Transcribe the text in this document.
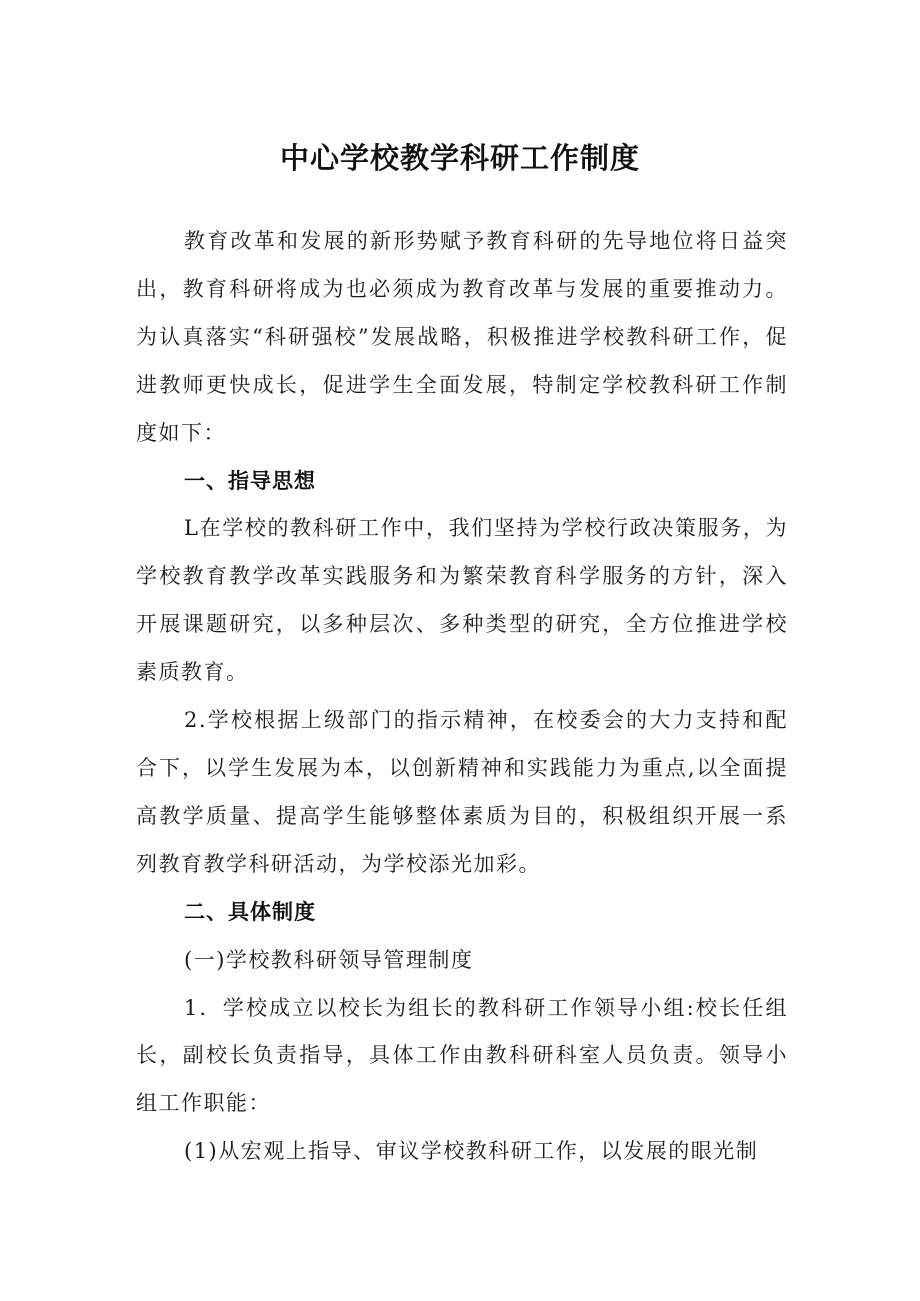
中心学校教学科研工作制度

教育改革和发展的新形势赋予教育科研的先导地位将日益突出，教育科研将成为也必须成为教育改革与发展的重要推动力。为认真落实“科研强校”发展战略，积极推进学校教科研工作，促进教师更快成长，促进学生全面发展，特制定学校教科研工作制度如下：

一、指导思想

L在学校的教科研工作中，我们坚持为学校行政决策服务，为学校教育教学改革实践服务和为繁荣教育科学服务的方针，深入开展课题研究，以多种层次、多种类型的研究，全方位推进学校素质教育。

2.学校根据上级部门的指示精神，在校委会的大力支持和配合下，以学生发展为本，以创新精神和实践能力为重点,以全面提高教学质量、提高学生能够整体素质为目的，积极组织开展一系列教育教学科研活动，为学校添光加彩。

二、具体制度

(一)学校教科研领导管理制度

1．学校成立以校长为组长的教科研工作领导小组:校长任组长，副校长负责指导，具体工作由教科研科室人员负责。领导小组工作职能：

(1)从宏观上指导、审议学校教科研工作，以发展的眼光制
